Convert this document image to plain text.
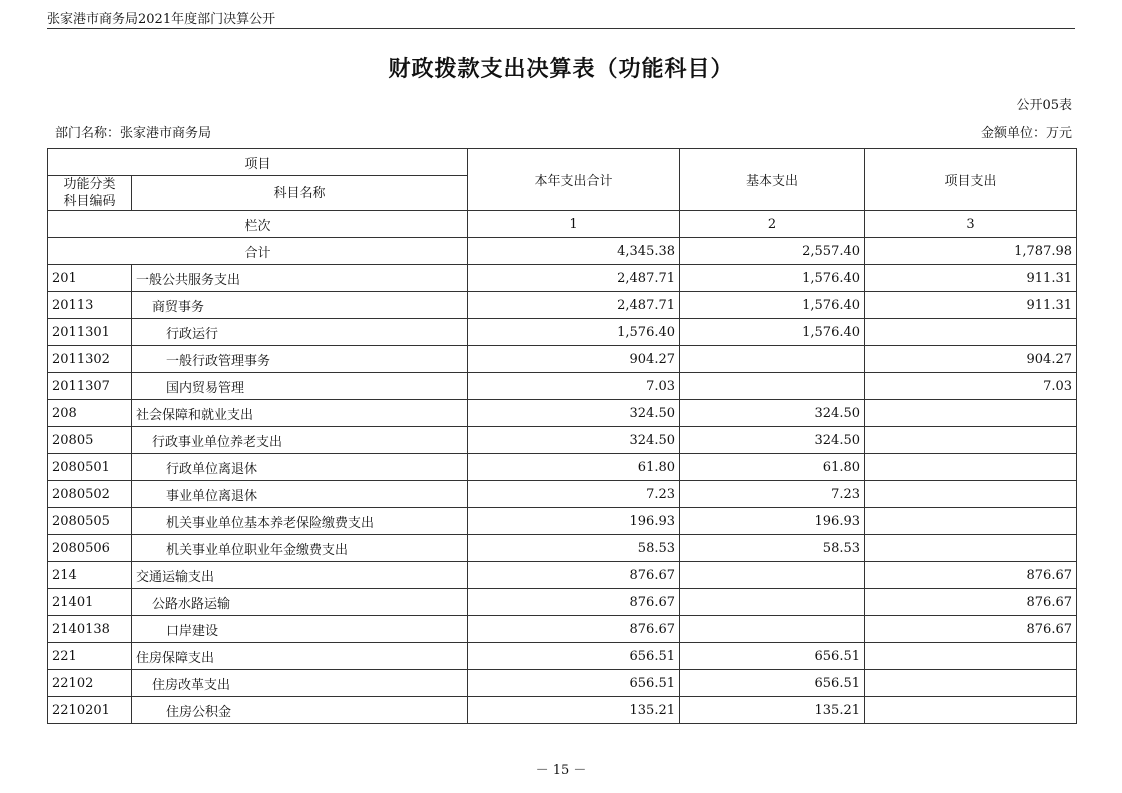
张家港市商务局2021年度部门决算公开
财政拨款支出决算表（功能科目）
公开05表
部门名称：张家港市商务局	金额单位：万元
项目		本年支出合计	基本支出	项目支出
功能分类
科目编码	科目名称			
栏次		1	2	3
合计		4,345.38	2,557.40	1,787.98
201	一般公共服务支出	2,487.71	1,576.40	911.31
20113	商贸事务	2,487.71	1,576.40	911.31
2011301	行政运行	1,576.40	1,576.40	
2011302	一般行政管理事务	904.27		904.27
2011307	国内贸易管理	7.03		7.03
208	社会保障和就业支出	324.50	324.50	
20805	行政事业单位养老支出	324.50	324.50	
2080501	行政单位离退休	61.80	61.80	
2080502	事业单位离退休	7.23	7.23	
2080505	机关事业单位基本养老保险缴费支出	196.93	196.93	
2080506	机关事业单位职业年金缴费支出	58.53	58.53	
214	交通运输支出	876.67		876.67
21401	公路水路运输	876.67		876.67
2140138	口岸建设	876.67		876.67
221	住房保障支出	656.51	656.51	
22102	住房改革支出	656.51	656.51	
2210201	住房公积金	135.21	135.21	
－ 15 －
